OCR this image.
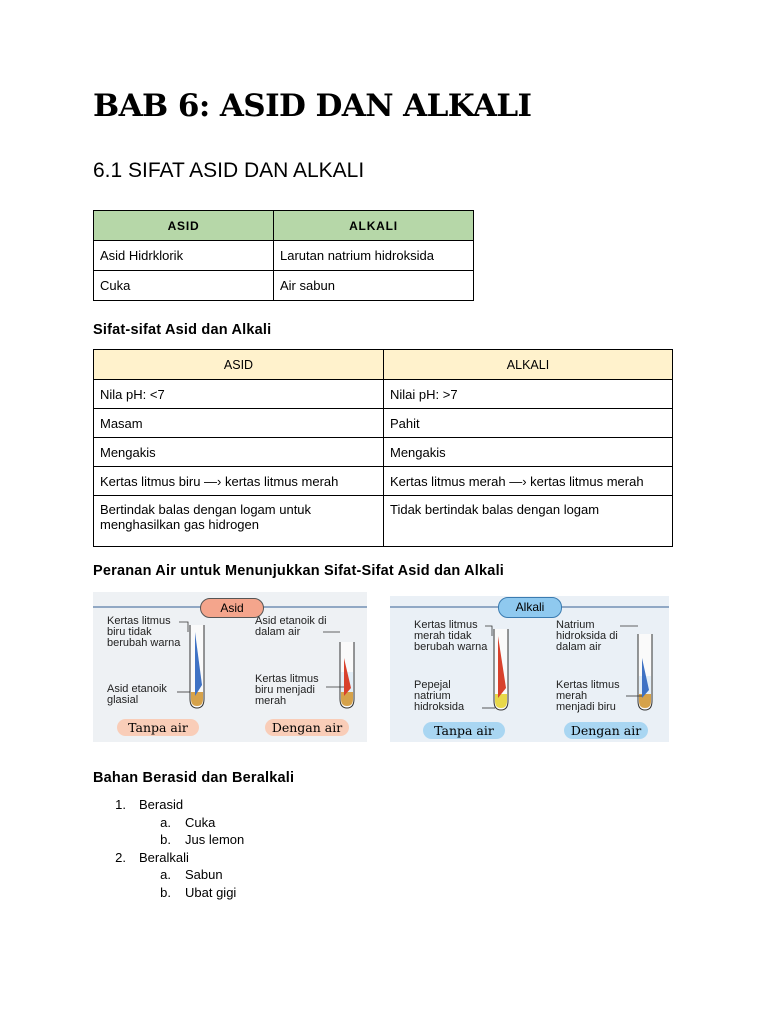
BAB 6: ASID DAN ALKALI
6.1 SIFAT ASID DAN ALKALI
ASID	ALKALI
Asid Hidrklorik	Larutan natrium hidroksida
Cuka	Air sabun
Sifat-sifat Asid dan Alkali
ASID	ALKALI
Nila pH: <7	Nilai pH: >7
Masam	Pahit
Mengakis	Mengakis
Kertas litmus biru —› kertas litmus merah	Kertas litmus merah —› kertas litmus merah
Bertindak balas dengan logam untuk menghasilkan gas hidrogen	Tidak bertindak balas dengan logam
Peranan Air untuk Menunjukkan Sifat-Sifat Asid dan Alkali
Asid
Kertas litmus biru tidak berubah warna
Asid etanoik glasial
Asid etanoik di dalam air
Kertas litmus biru menjadi merah
Tanpa air	Dengan air
Alkali
Kertas litmus merah tidak berubah warna
Pepejal natrium hidroksida
Natrium hidroksida di dalam air
Kertas litmus merah menjadi biru
Tanpa air	Dengan air
Bahan Berasid dan Beralkali
1. Berasid
a. Cuka
b. Jus lemon
2. Beralkali
a. Sabun
b. Ubat gigi
